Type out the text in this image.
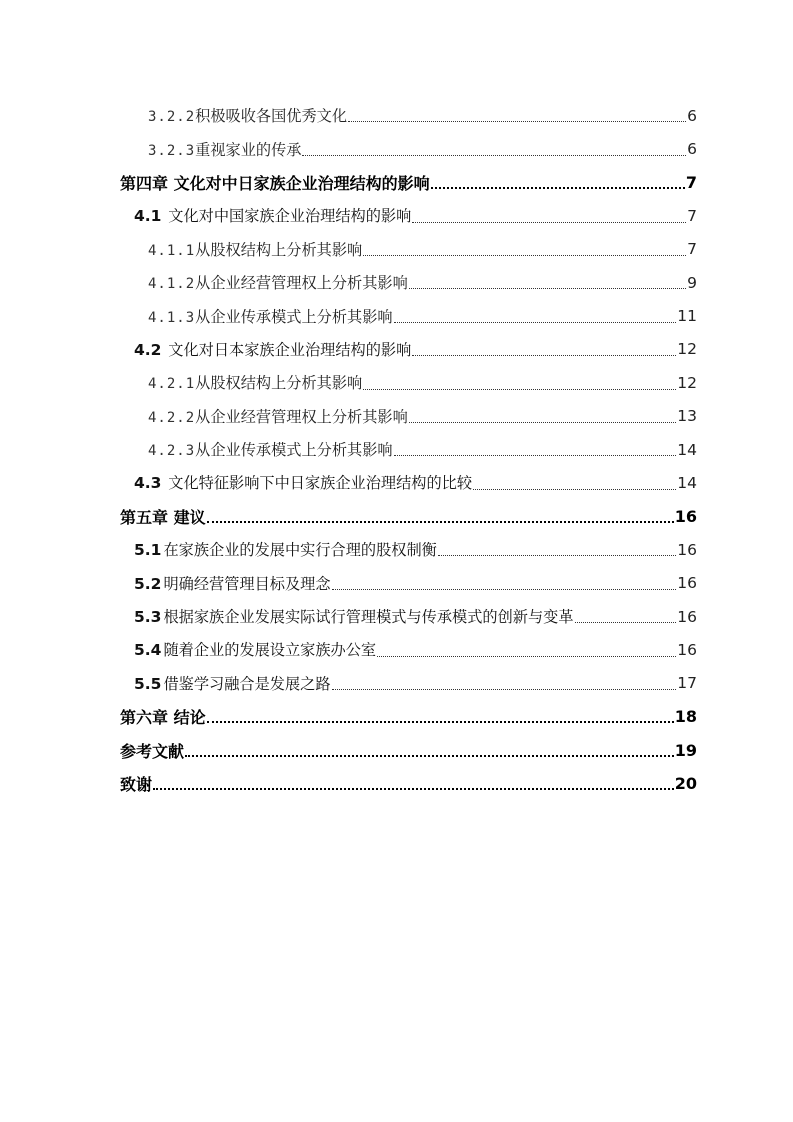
3.2.2积极吸收各国优秀文化	6
3.2.3重视家业的传承	6
第四章 文化对中日家族企业治理结构的影响	7
4.1 文化对中国家族企业治理结构的影响	7
4.1.1从股权结构上分析其影响	7
4.1.2从企业经营管理权上分析其影响	9
4.1.3从企业传承模式上分析其影响	11
4.2 文化对日本家族企业治理结构的影响	12
4.2.1从股权结构上分析其影响	12
4.2.2从企业经营管理权上分析其影响	13
4.2.3从企业传承模式上分析其影响	14
4.3 文化特征影响下中日家族企业治理结构的比较	14
第五章 建议	16
5.1 在家族企业的发展中实行合理的股权制衡	16
5.2 明确经营管理目标及理念	16
5.3 根据家族企业发展实际试行管理模式与传承模式的创新与变革	16
5.4 随着企业的发展设立家族办公室	16
5.5 借鉴学习融合是发展之路	17
第六章 结论	18
参考文献	19
致谢	20
